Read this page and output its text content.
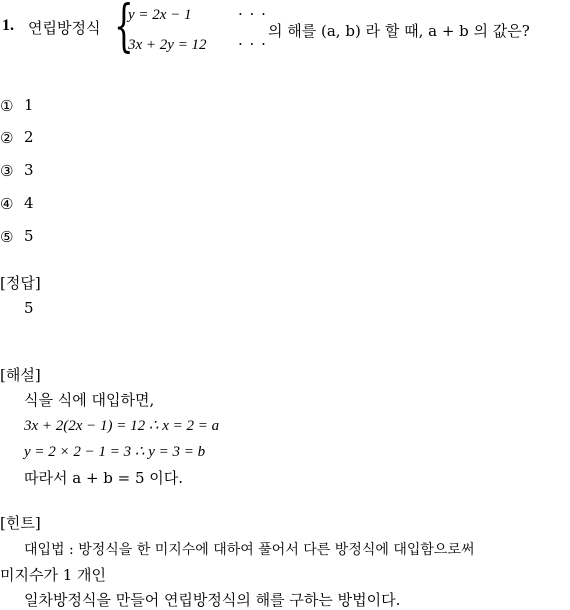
1. 연립방정식 {
y = 2x − 1	· · ·
3x + 2y = 12 · · ·
의 해를 (a, b) 라 할 때, a + b 의 값은?
① 1
② 2
③ 3
④ 4
⑤ 5
[정답]
5
[해설]
식을 식에 대입하면,
3x + 2(2x − 1) = 12 ∴ x = 2 = a
y = 2 × 2 − 1 = 3 ∴ y = 3 = b
따라서 a + b = 5 이다.
[힌트]
대입법 : 방정식을 한 미지수에 대하여 풀어서 다른 방정식에 대입함으로써
미지수가 1 개인
일차방정식을 만들어 연립방정식의 해를 구하는 방법이다.
